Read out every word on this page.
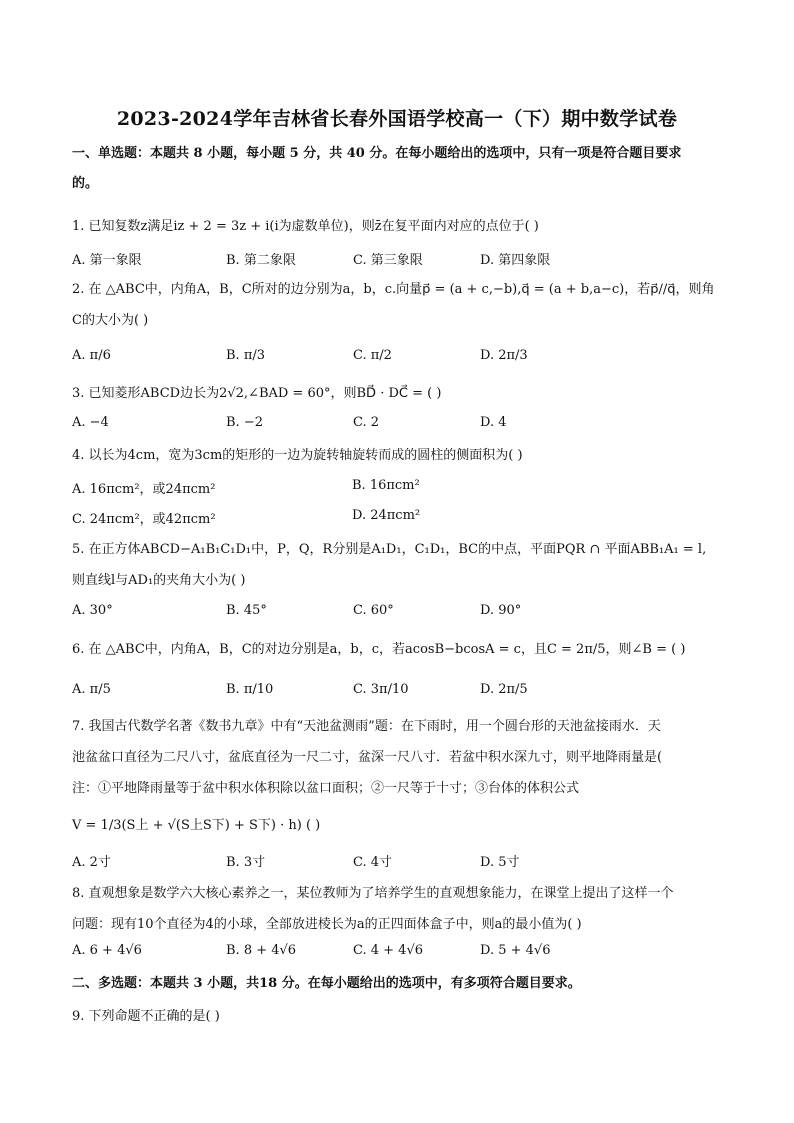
2023-2024学年吉林省长春外国语学校高一（下）期中数学试卷
一、单选题：本题共 8 小题，每小题 5 分，共 40 分。在每小题给出的选项中，只有一项是符合题目要求
的。
1. 已知复数z满足iz + 2 = 3z + i(i为虚数单位)，则z̄在复平面内对应的点位于( )
A. 第一象限	B. 第二象限	C. 第三象限	D. 第四象限
2. 在 △ABC中，内角A，B，C所对的边分别为a，b，c.向量p⃗ = (a + c,−b),q⃗ = (a + b,a−c)，若p⃗//q⃗，则角
C的大小为( )
A. π/6	B. π/3	C. π/2	D. 2π/3
3. 已知菱形ABCD边长为2√2,∠BAD = 60°，则BD⃗ · DC⃗ = ( )
A. −4	B. −2	C. 2	D. 4
4. 以长为4cm，宽为3cm的矩形的一边为旋转轴旋转而成的圆柱的侧面积为( )
A. 16πcm²，或24πcm²	B. 16πcm²
C. 24πcm²，或42πcm²	D. 24πcm²
5. 在正方体ABCD−A₁B₁C₁D₁中，P，Q，R分别是A₁D₁，C₁D₁，BC的中点，平面PQR ∩ 平面ABB₁A₁ = l,
则直线l与AD₁的夹角大小为( )
A. 30°	B. 45°	C. 60°	D. 90°
6. 在 △ABC中，内角A，B，C的对边分别是a，b，c，若acosB−bcosA = c，且C = 2π/5，则∠B = ( )
A. π/5	B. π/10	C. 3π/10	D. 2π/5
7. 我国古代数学名著《数书九章》中有“天池盆测雨”题：在下雨时，用一个圆台形的天池盆接雨水．天
池盆盆口直径为二尺八寸，盆底直径为一尺二寸，盆深一尺八寸．若盆中积水深九寸，则平地降雨量是(
注：①平地降雨量等于盆中积水体积除以盆口面积；②一尺等于十寸；③台体的体积公式
V = 1/3(S上 + √(S上S下) + S下) · h) ( )
A. 2寸	B. 3寸	C. 4寸	D. 5寸
8. 直观想象是数学六大核心素养之一，某位教师为了培养学生的直观想象能力，在课堂上提出了这样一个
问题：现有10个直径为4的小球，全部放进棱长为a的正四面体盒子中，则a的最小值为( )
A. 6 + 4√6	B. 8 + 4√6	C. 4 + 4√6	D. 5 + 4√6
二、多选题：本题共 3 小题，共18 分。在每小题给出的选项中，有多项符合题目要求。
9. 下列命题不正确的是( )
